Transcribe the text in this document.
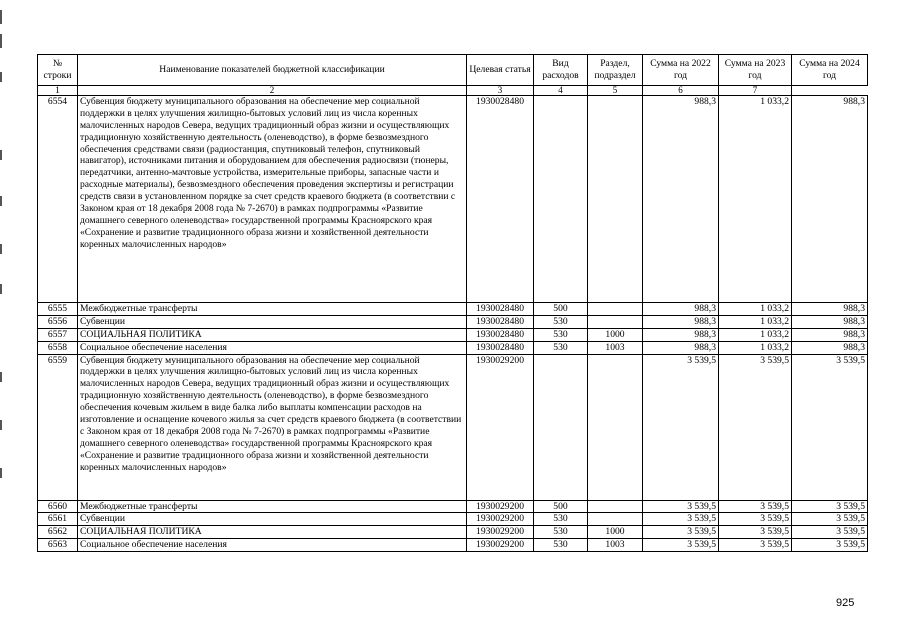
№ строки	Наименование показателей бюджетной классификации	Целевая статья	Вид расходов	Раздел, подраздел	Сумма на 2022 год	Сумма на 2023 год	Сумма на 2024 год
1	2	3	4	5	6	7	
6554	Субвенция бюджету муниципального образования на обеспечение мер социальной поддержки в целях улучшения жилищно-бытовых условий лиц из числа коренных малочисленных народов Севера, ведущих традиционный образ жизни и осуществляющих традиционную хозяйственную деятельность (оленеводство), в форме безвозмездного обеспечения средствами связи (радиостанция, спутниковый телефон, спутниковый навигатор), источниками питания и оборудованием для обеспечения радиосвязи (тюнеры, передатчики, антенно-мачтовые устройства, измерительные приборы, запасные части и расходные материалы), безвозмездного обеспечения проведения экспертизы и регистрации средств связи в установленном порядке за счет средств краевого бюджета (в соответствии с Законом края от 18 декабря 2008 года № 7-2670) в рамках подпрограммы «Развитие домашнего северного оленеводства» государственной программы Красноярского края «Сохранение и развитие традиционного образа жизни и хозяйственной деятельности коренных малочисленных народов»	1930028480			988,3	1 033,2	988,3
6555	Межбюджетные трансферты	1930028480	500		988,3	1 033,2	988,3
6556	Субвенции	1930028480	530		988,3	1 033,2	988,3
6557	СОЦИАЛЬНАЯ ПОЛИТИКА	1930028480	530	1000	988,3	1 033,2	988,3
6558	Социальное обеспечение населения	1930028480	530	1003	988,3	1 033,2	988,3
6559	Субвенция бюджету муниципального образования на обеспечение мер социальной поддержки в целях улучшения жилищно-бытовых условий лиц из числа коренных малочисленных народов Севера, ведущих традиционный образ жизни и осуществляющих традиционную хозяйственную деятельность (оленеводство), в форме безвозмездного обеспечения кочевым жильем в виде балка либо выплаты компенсации расходов на изготовление и оснащение кочевого жилья за счет средств краевого бюджета (в соответствии с Законом края от 18 декабря 2008 года № 7-2670) в рамках подпрограммы «Развитие домашнего северного оленеводства» государственной программы Красноярского края «Сохранение и развитие традиционного образа жизни и хозяйственной деятельности коренных малочисленных народов»	1930029200			3 539,5	3 539,5	3 539,5
6560	Межбюджетные трансферты	1930029200	500		3 539,5	3 539,5	3 539,5
6561	Субвенции	1930029200	530		3 539,5	3 539,5	3 539,5
6562	СОЦИАЛЬНАЯ ПОЛИТИКА	1930029200	530	1000	3 539,5	3 539,5	3 539,5
6563	Социальное обеспечение населения	1930029200	530	1003	3 539,5	3 539,5	3 539,5
925
